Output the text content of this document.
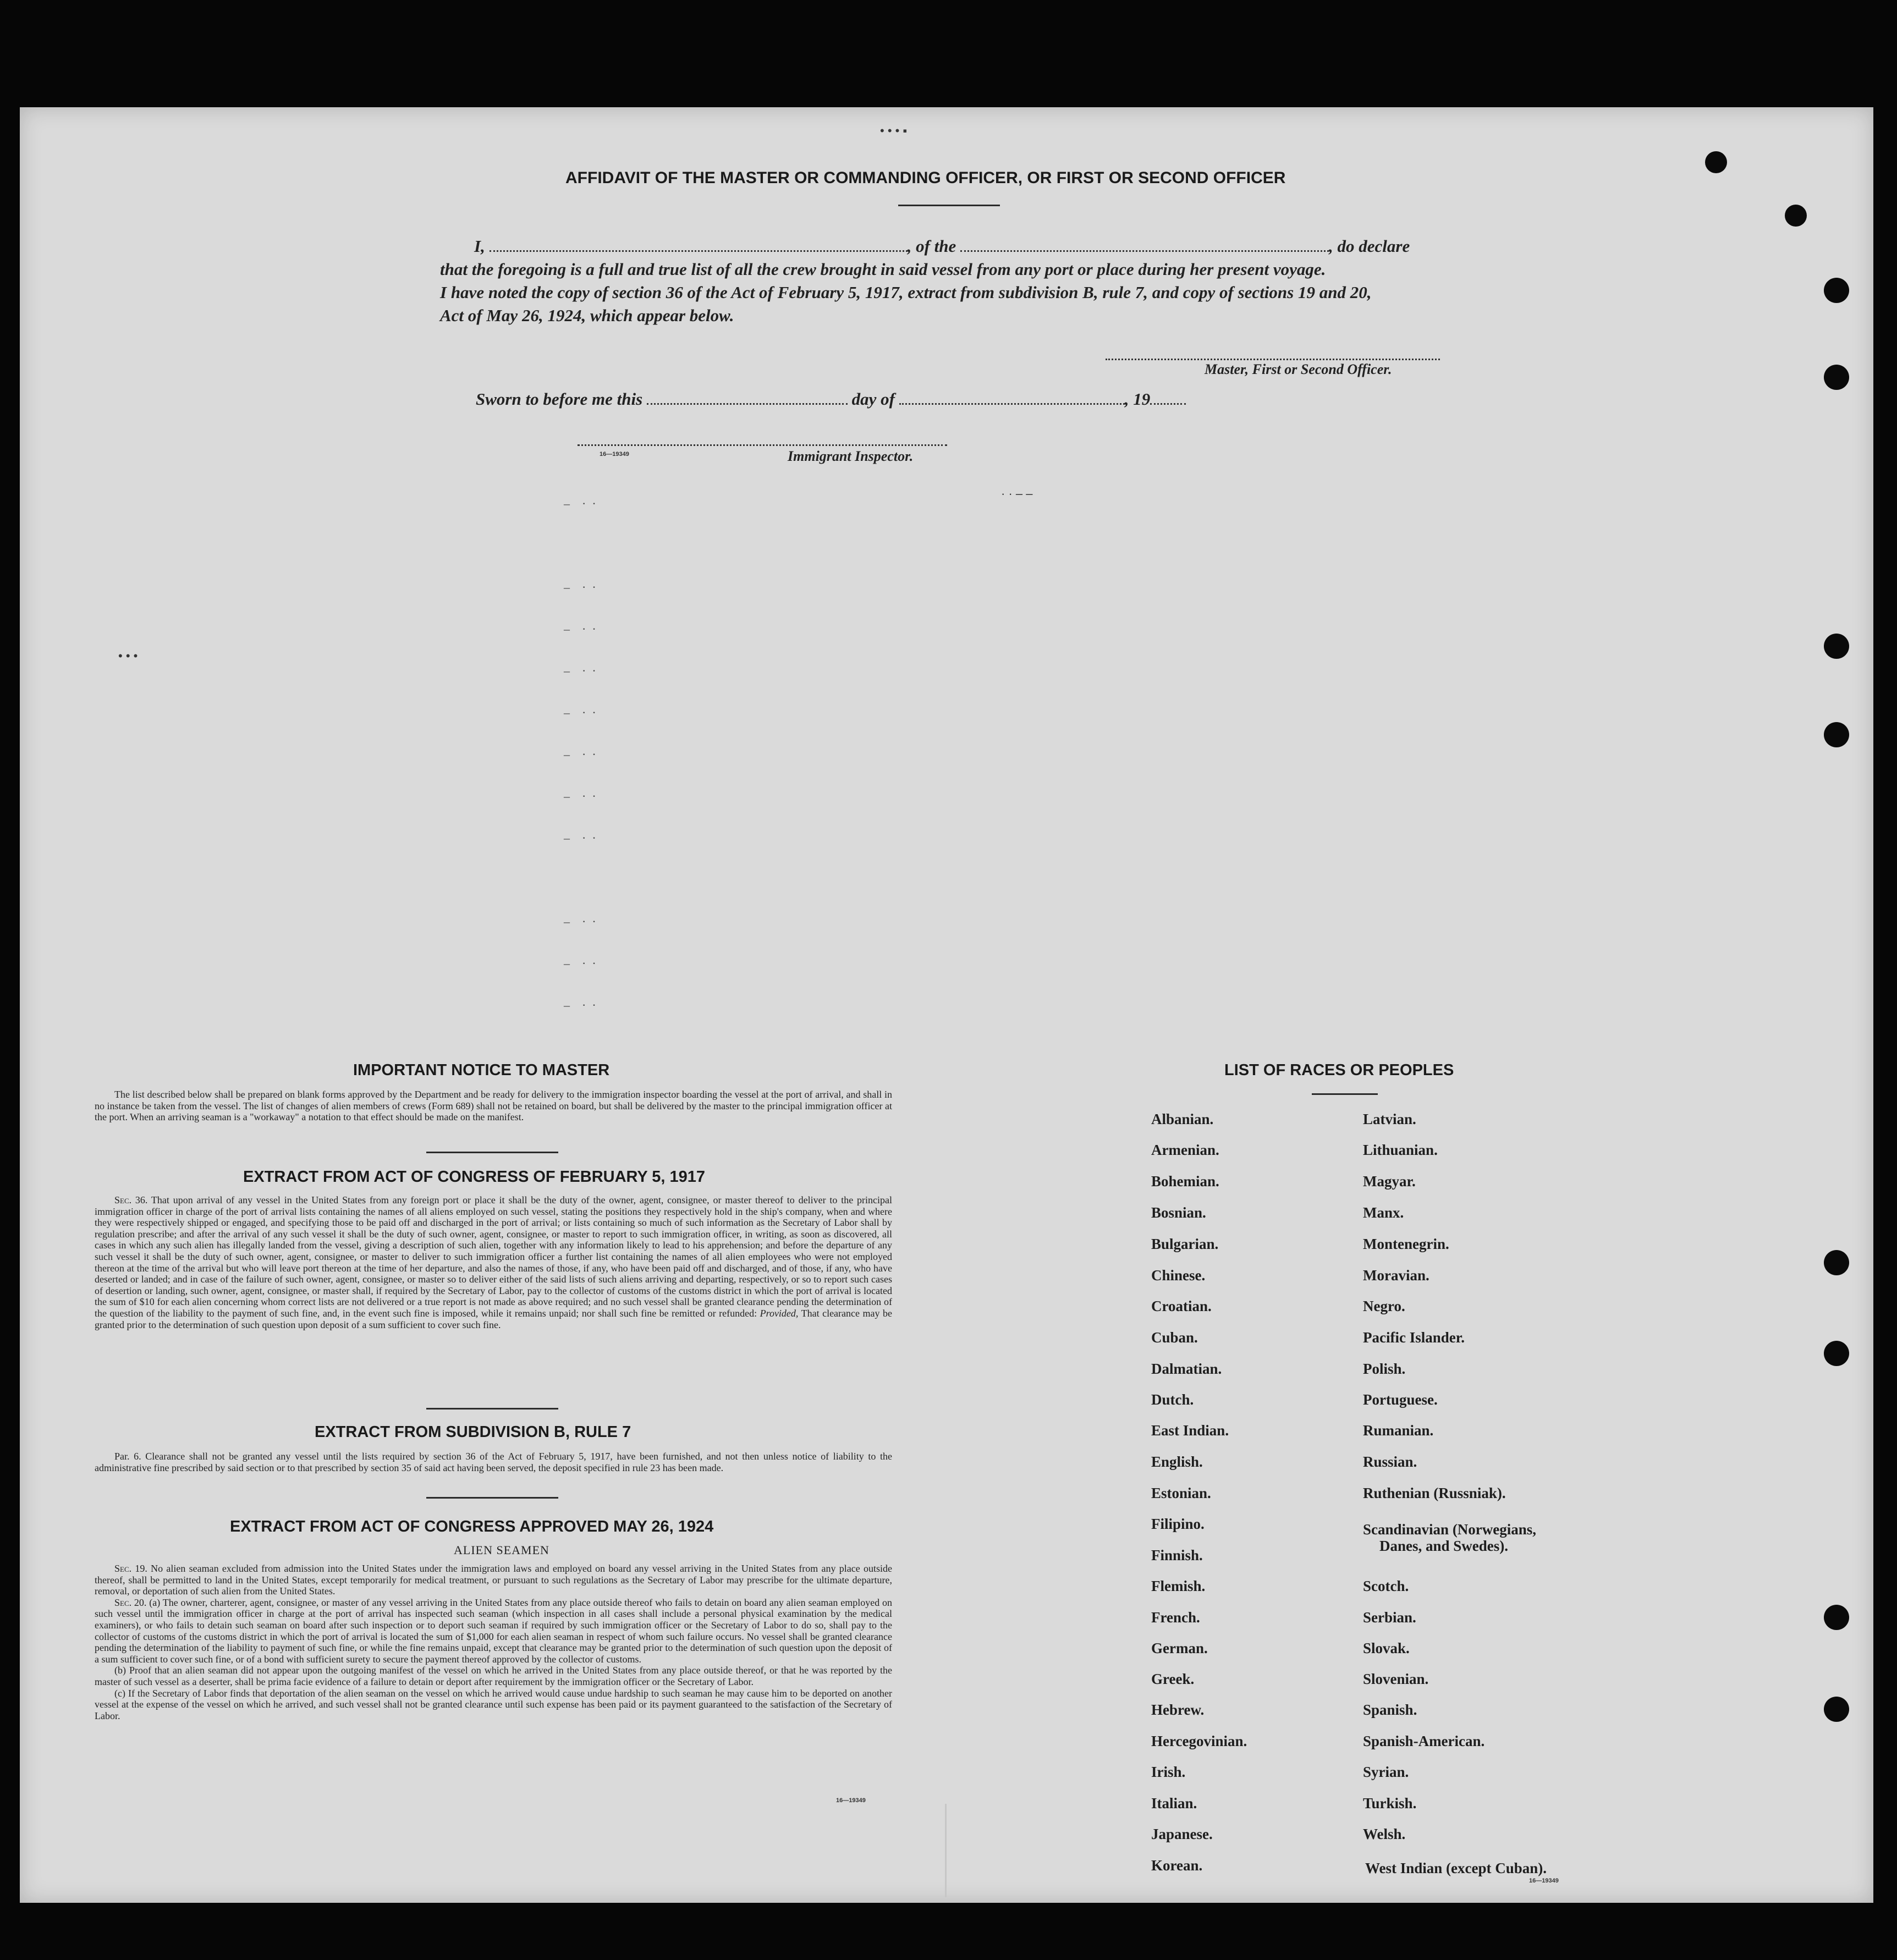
• • • ▪
• • •
· · ‒ ‒
AFFIDAVIT OF THE MASTER OR COMMANDING OFFICER, OR FIRST OR SECOND OFFICER
I,	, of the	, do declare
that the foregoing is a full and true list of all the crew brought in said vessel from any port or place during her present voyage.
I have noted the copy of section 36 of the Act of February 5, 1917, extract from subdivision B, rule 7, and copy of sections 19 and 20,
Act of May 26, 1924, which appear below.
Master, First or Second Officer.
Sworn to before me this	day of	, 19
16—19349	Immigrant Inspector.
‒    ·  ·

‒    ·  ·
‒    ·  ·
‒    ·  ·
‒    ·  ·
‒    ·  ·
‒    ·  ·
‒    ·  ·

‒    ·  ·
‒    ·  ·
‒    ·  ·
IMPORTANT NOTICE TO MASTER

The list described below shall be prepared on blank forms approved by the Department and be ready for delivery to the immigration inspector boarding the vessel at the port of arrival, and shall in no instance be taken from the vessel. The list of changes of alien members of crews (Form 689) shall not be retained on board, but shall be delivered by the master to the principal immigration officer at the port. When an arriving seaman is a "workaway" a notation to that effect should be made on the manifest.

EXTRACT FROM ACT OF CONGRESS OF FEBRUARY 5, 1917

Sec. 36. That upon arrival of any vessel in the United States from any foreign port or place it shall be the duty of the owner, agent, consignee, or master thereof to deliver to the principal immigration officer in charge of the port of arrival lists containing the names of all aliens employed on such vessel, stating the positions they respectively hold in the ship's company, when and where they were respectively shipped or engaged, and specifying those to be paid off and discharged in the port of arrival; or lists containing so much of such information as the Secretary of Labor shall by regulation prescribe; and after the arrival of any such vessel it shall be the duty of such owner, agent, consignee, or master to report to such immigration officer, in writing, as soon as discovered, all cases in which any such alien has illegally landed from the vessel, giving a description of such alien, together with any information likely to lead to his apprehension; and before the departure of any such vessel it shall be the duty of such owner, agent, consignee, or master to deliver to such immigration officer a further list containing the names of all alien employees who were not employed thereon at the time of the arrival but who will leave port thereon at the time of her departure, and also the names of those, if any, who have been paid off and discharged, and of those, if any, who have deserted or landed; and in case of the failure of such owner, agent, consignee, or master so to deliver either of the said lists of such aliens arriving and departing, respectively, or so to report such cases of desertion or landing, such owner, agent, consignee, or master shall, if required by the Secretary of Labor, pay to the collector of customs of the customs district in which the port of arrival is located the sum of $10 for each alien concerning whom correct lists are not delivered or a true report is not made as above required; and no such vessel shall be granted clearance pending the determination of the question of the liability to the payment of such fine, and, in the event such fine is imposed, while it remains unpaid; nor shall such fine be remitted or refunded: Provided, That clearance may be granted prior to the determination of such question upon deposit of a sum sufficient to cover such fine.

EXTRACT FROM SUBDIVISION B, RULE 7

Par. 6. Clearance shall not be granted any vessel until the lists required by section 36 of the Act of February 5, 1917, have been furnished, and not then unless notice of liability to the administrative fine prescribed by said section or to that prescribed by section 35 of said act having been served, the deposit specified in rule 23 has been made.

EXTRACT FROM ACT OF CONGRESS APPROVED MAY 26, 1924
ALIEN SEAMEN

Sec. 19. No alien seaman excluded from admission into the United States under the immigration laws and employed on board any vessel arriving in the United States from any place outside thereof, shall be permitted to land in the United States, except temporarily for medical treatment, or pursuant to such regulations as the Secretary of Labor may prescribe for the ultimate departure, removal, or deportation of such alien from the United States.

Sec. 20. (a) The owner, charterer, agent, consignee, or master of any vessel arriving in the United States from any place outside thereof who fails to detain on board any alien seaman employed on such vessel until the immigration officer in charge at the port of arrival has inspected such seaman (which inspection in all cases shall include a personal physical examination by the medical examiners), or who fails to detain such seaman on board after such inspection or to deport such seaman if required by such immigration officer or the Secretary of Labor to do so, shall pay to the collector of customs of the customs district in which the port of arrival is located the sum of $1,000 for each alien seaman in respect of whom such failure occurs. No vessel shall be granted clearance pending the determination of the liability to payment of such fine, or while the fine remains unpaid, except that clearance may be granted prior to the determination of such question upon the deposit of a sum sufficient to cover such fine, or of a bond with sufficient surety to secure the payment thereof approved by the collector of customs.

(b) Proof that an alien seaman did not appear upon the outgoing manifest of the vessel on which he arrived in the United States from any place outside thereof, or that he was reported by the master of such vessel as a deserter, shall be prima facie evidence of a failure to detain or deport after requirement by the immigration officer or the Secretary of Labor.

(c) If the Secretary of Labor finds that deportation of the alien seaman on the vessel on which he arrived would cause undue hardship to such seaman he may cause him to be deported on another vessel at the expense of the vessel on which he arrived, and such vessel shall not be granted clearance until such expense has been paid or its payment guaranteed to the satisfaction of the Secretary of Labor.

16—19349
LIST OF RACES OR PEOPLES
Albanian.
Armenian.
Bohemian.
Bosnian.
Bulgarian.
Chinese.
Croatian.
Cuban.
Dalmatian.
Dutch.
East Indian.
English.
Estonian.
Filipino.
Finnish.
Flemish.
French.
German.
Greek.
Hebrew.
Hercegovinian.
Irish.
Italian.
Japanese.
Korean.
Latvian.
Lithuanian.
Magyar.
Manx.
Montenegrin.
Moravian.
Negro.
Pacific Islander.
Polish.
Portuguese.
Rumanian.
Russian.
Ruthenian (Russniak).
Scandinavian (Norwegians,
Danes, and Swedes).
Scotch.
Serbian.
Slovak.
Slovenian.
Spanish.
Spanish-American.
Syrian.
Turkish.
Welsh.
West Indian (except Cuban).
16—19349
